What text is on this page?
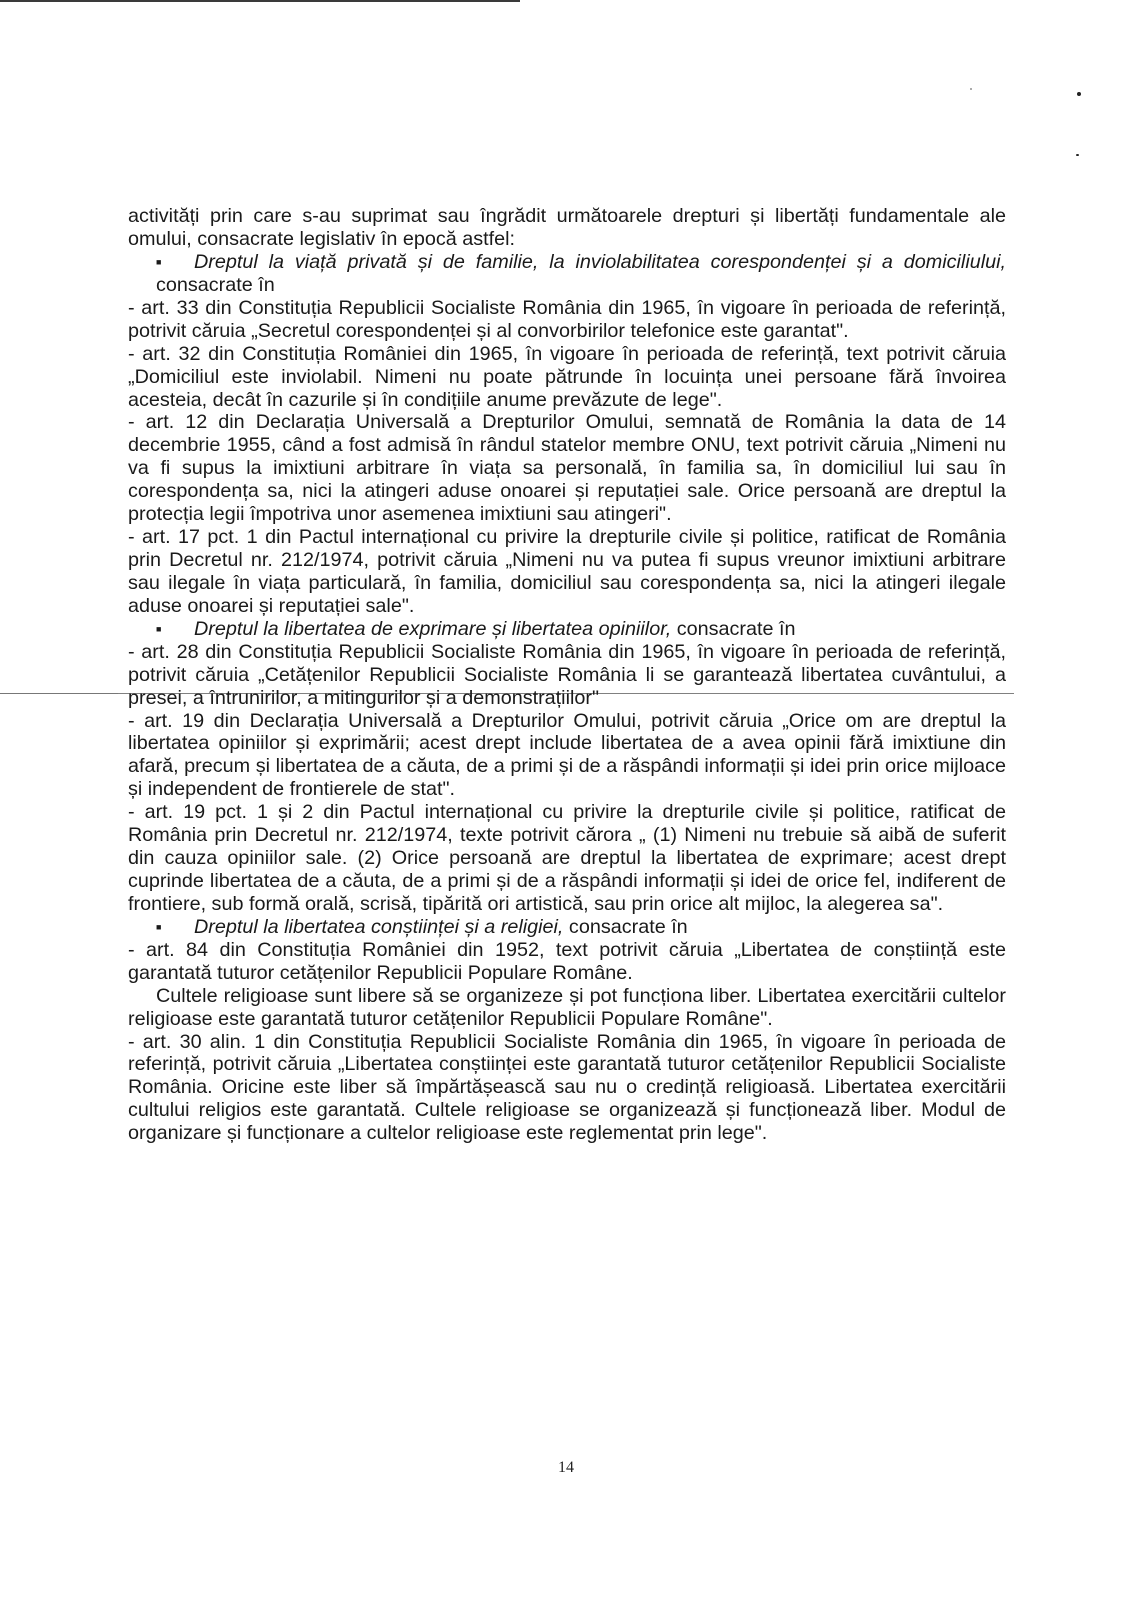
activități prin care s-au suprimat sau îngrădit următoarele drepturi și libertăți fundamentale ale omului, consacrate legislativ în epocă astfel:

■ Dreptul la viață privată și de familie, la inviolabilitatea corespondenței și a domiciliului, consacrate în

- art. 33 din Constituția Republicii Socialiste România din 1965, în vigoare în perioada de referință, potrivit căruia „Secretul corespondenței și al convorbirilor telefonice este garantat".

- art. 32 din Constituția României din 1965, în vigoare în perioada de referință, text potrivit căruia „Domiciliul este inviolabil. Nimeni nu poate pătrunde în locuința unei persoane fără învoirea acesteia, decât în cazurile și în condițiile anume prevăzute de lege".

- art. 12 din Declarația Universală a Drepturilor Omului, semnată de România la data de 14 decembrie 1955, când a fost admisă în rândul statelor membre ONU, text potrivit căruia „Nimeni nu va fi supus la imixtiuni arbitrare în viața sa personală, în familia sa, în domiciliul lui sau în corespondența sa, nici la atingeri aduse onoarei și reputației sale. Orice persoană are dreptul la protecția legii împotriva unor asemenea imixtiuni sau atingeri".

- art. 17 pct. 1 din Pactul internațional cu privire la drepturile civile și politice, ratificat de România prin Decretul nr. 212/1974, potrivit căruia „Nimeni nu va putea fi supus vreunor imixtiuni arbitrare sau ilegale în viața particulară, în familia, domiciliul sau corespondența sa, nici la atingeri ilegale aduse onoarei și reputației sale".

■ Dreptul la libertatea de exprimare și libertatea opiniilor, consacrate în

- art. 28 din Constituția Republicii Socialiste România din 1965, în vigoare în perioada de referință, potrivit căruia „Cetățenilor Republicii Socialiste România li se garantează libertatea cuvântului, a presei, a întrunirilor, a mitingurilor și a demonstrațiilor"

- art. 19 din Declarația Universală a Drepturilor Omului, potrivit căruia „Orice om are dreptul la libertatea opiniilor și exprimării; acest drept include libertatea de a avea opinii fără imixtiune din afară, precum și libertatea de a căuta, de a primi și de a răspândi informații și idei prin orice mijloace și independent de frontierele de stat".

- art. 19 pct. 1 și 2 din Pactul internațional cu privire la drepturile civile și politice, ratificat de România prin Decretul nr. 212/1974, texte potrivit cărora „ (1) Nimeni nu trebuie să aibă de suferit din cauza opiniilor sale. (2) Orice persoană are dreptul la libertatea de exprimare; acest drept cuprinde libertatea de a căuta, de a primi și de a răspândi informații și idei de orice fel, indiferent de frontiere, sub formă orală, scrisă, tipărită ori artistică, sau prin orice alt mijloc, la alegerea sa".

■ Dreptul la libertatea conștiinței și a religiei, consacrate în

- art. 84 din Constituția României din 1952, text potrivit căruia „Libertatea de conștiință este garantată tuturor cetățenilor Republicii Populare Române.

Cultele religioase sunt libere să se organizeze și pot funcționa liber. Libertatea exercitării cultelor religioase este garantată tuturor cetățenilor Republicii Populare Române".

- art. 30 alin. 1 din Constituția Republicii Socialiste România din 1965, în vigoare în perioada de referință, potrivit căruia „Libertatea conștiinței este garantată tuturor cetățenilor Republicii Socialiste România. Oricine este liber să împărtășească sau nu o credință religioasă. Libertatea exercitării cultului religios este garantată. Cultele religioase se organizează și funcționează liber. Modul de organizare și funcționare a cultelor religioase este reglementat prin lege".

14
